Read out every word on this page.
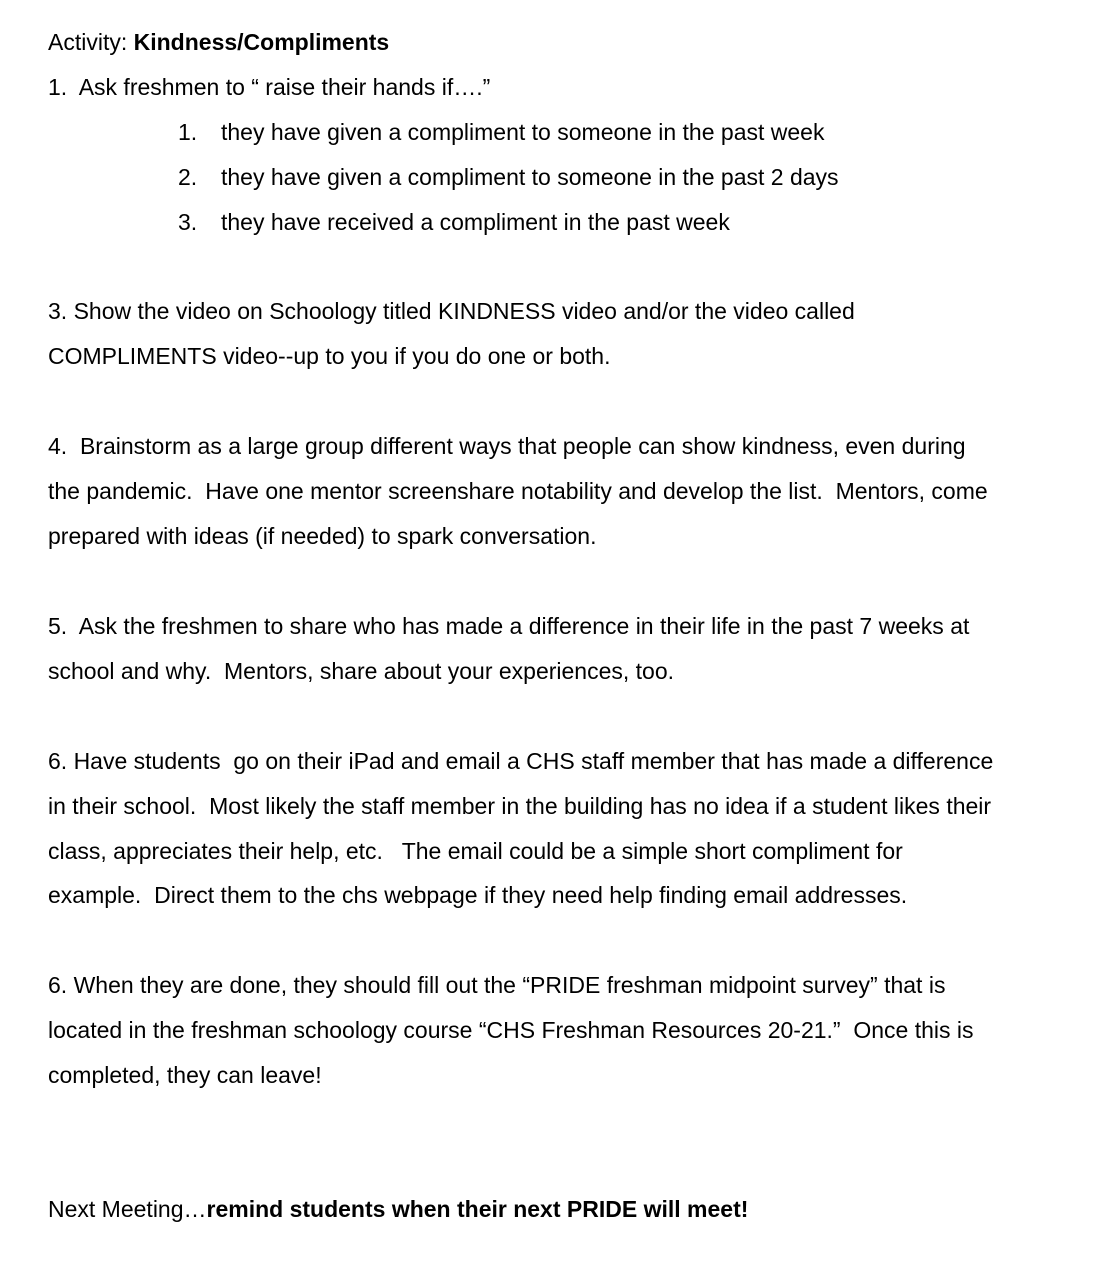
Activity: Kindness/Compliments
1.  Ask freshmen to “ raise their hands if….”
1. they have given a compliment to someone in the past week
2. they have given a compliment to someone in the past 2 days
3. they have received a compliment in the past week
3. Show the video on Schoology titled KINDNESS video and/or the video called
COMPLIMENTS video--up to you if you do one or both.
4.  Brainstorm as a large group different ways that people can show kindness, even during
the pandemic.  Have one mentor screenshare notability and develop the list.  Mentors, come
prepared with ideas (if needed) to spark conversation.
5.  Ask the freshmen to share who has made a difference in their life in the past 7 weeks at
school and why.  Mentors, share about your experiences, too.
6. Have students  go on their iPad and email a CHS staff member that has made a difference
in their school.  Most likely the staff member in the building has no idea if a student likes their
class, appreciates their help, etc.   The email could be a simple short compliment for
example.  Direct them to the chs webpage if they need help finding email addresses.
6. When they are done, they should fill out the “PRIDE freshman midpoint survey” that is
located in the freshman schoology course “CHS Freshman Resources 20-21.”  Once this is
completed, they can leave!
Next Meeting…remind students when their next PRIDE will meet!
